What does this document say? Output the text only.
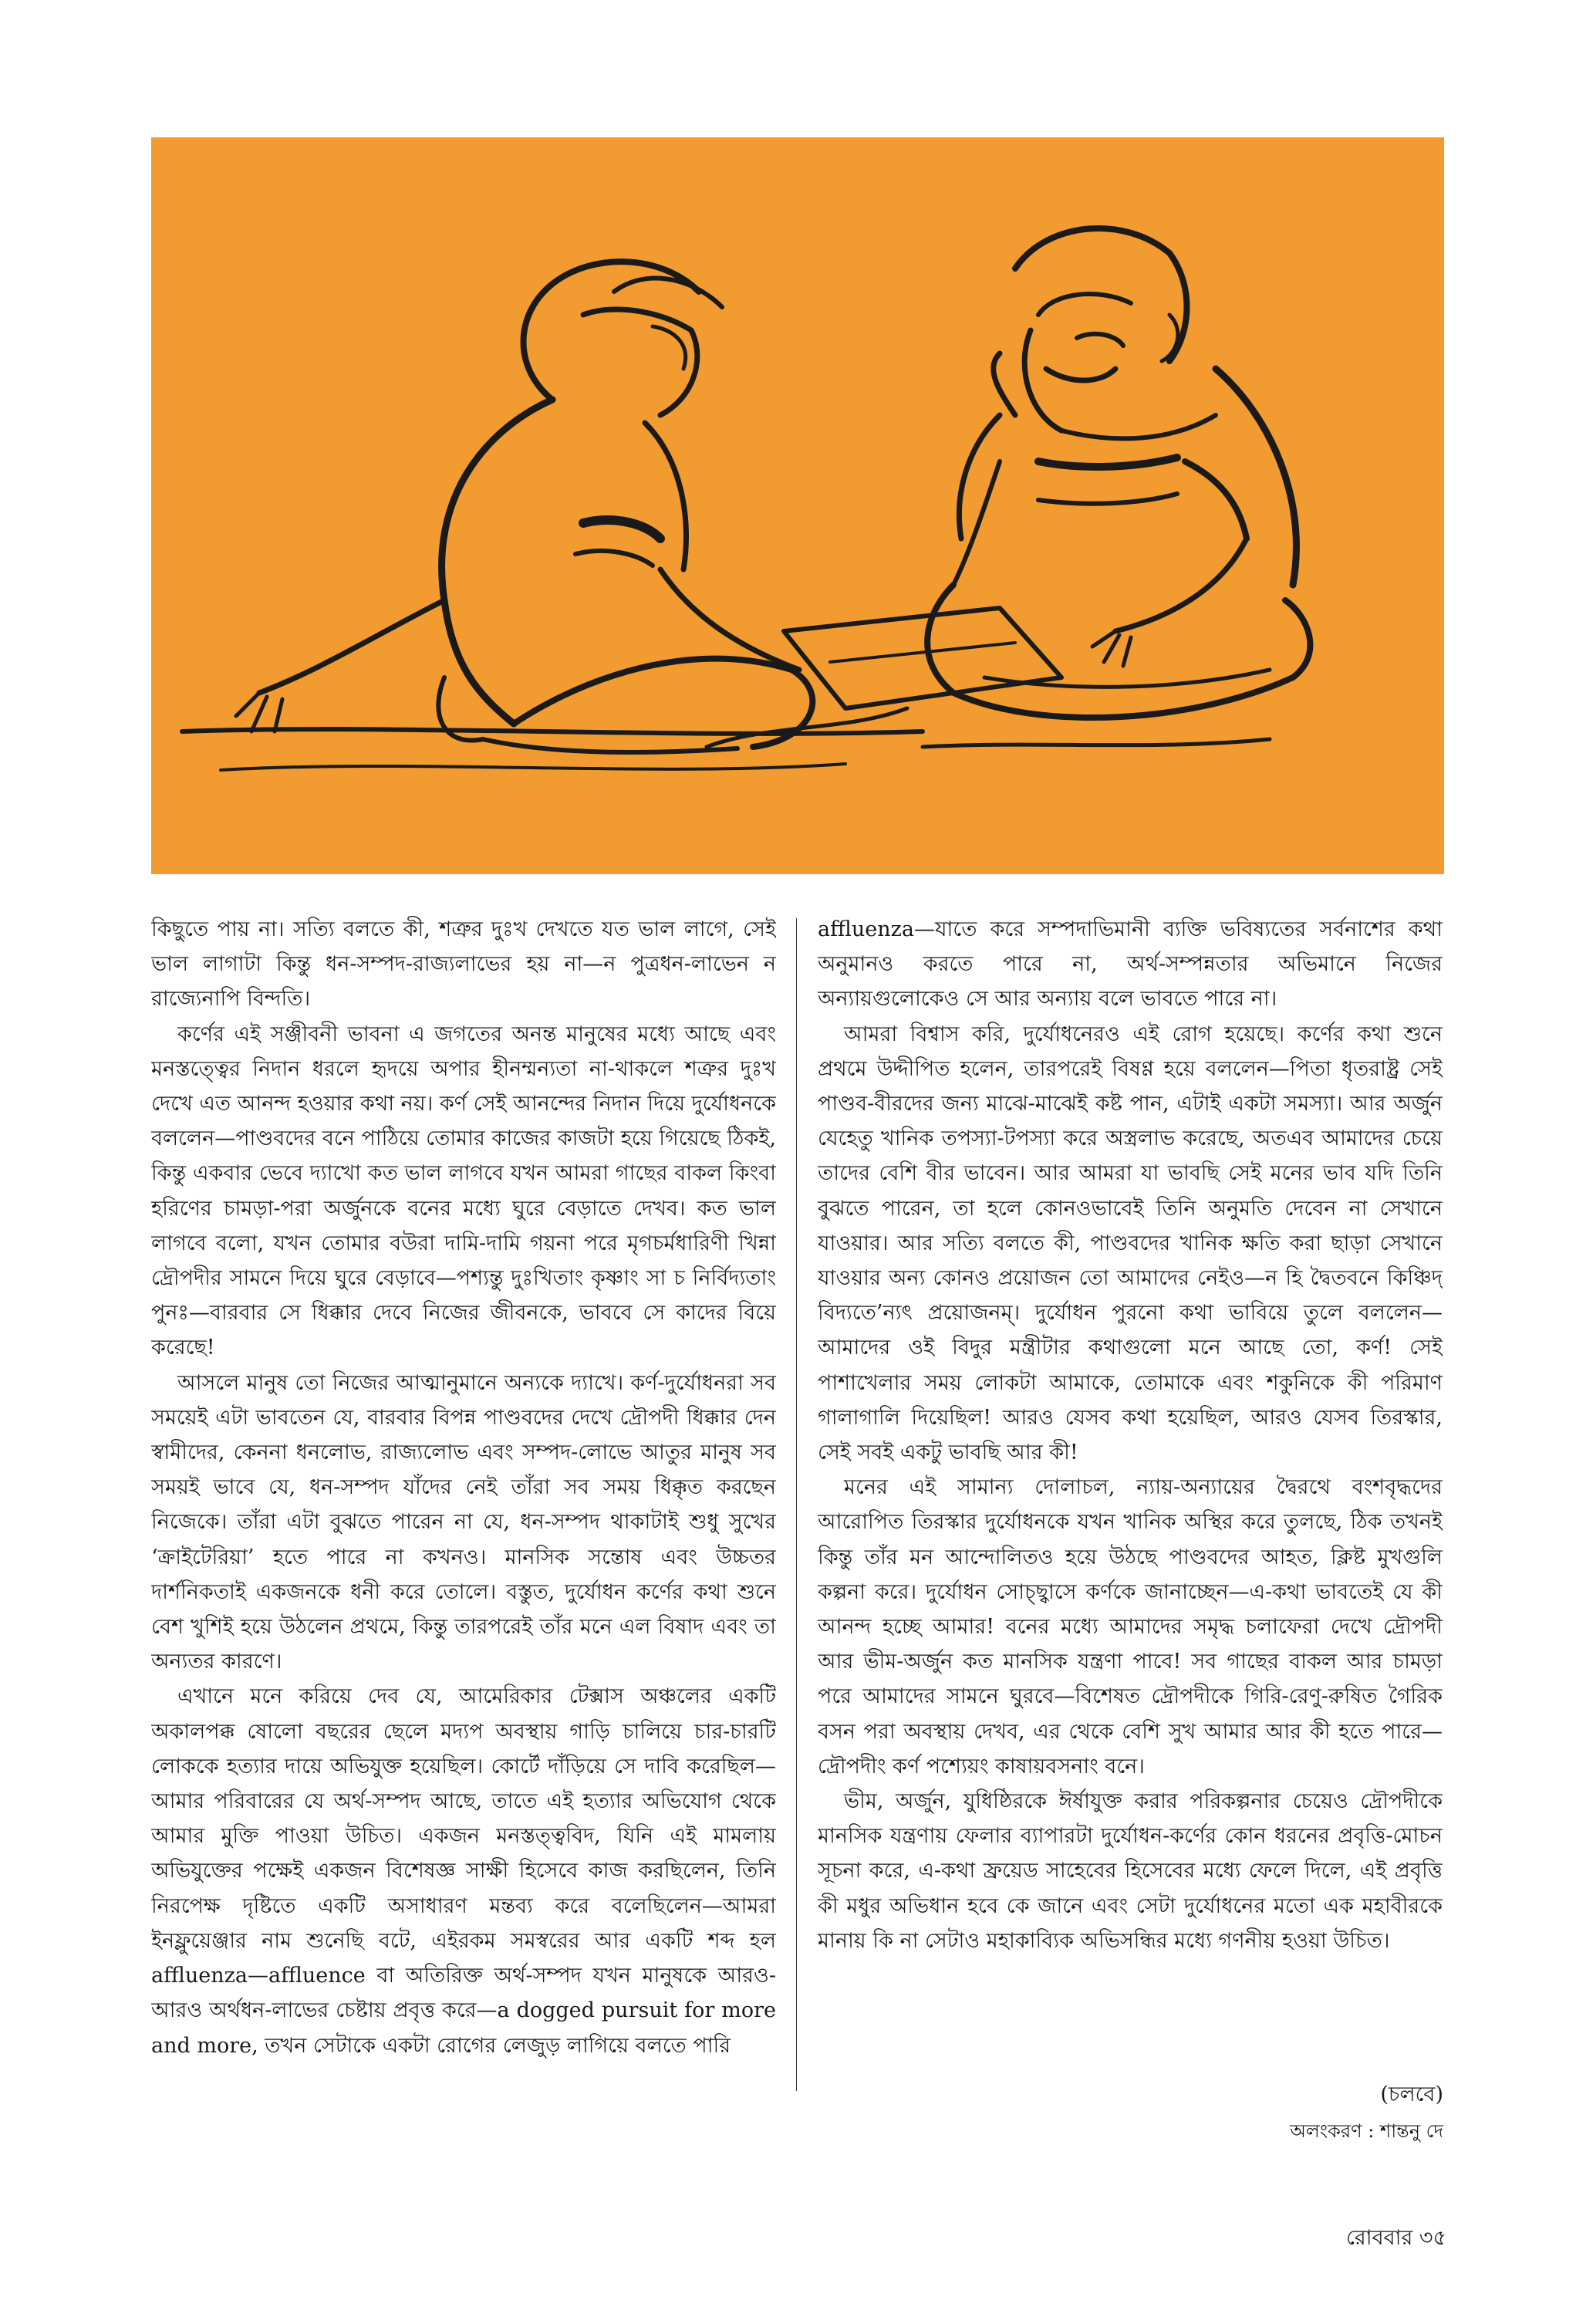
কিছুতে পায় না। সত্যি বলতে কী, শত্রুর দুঃখ দেখতে যত ভাল লাগে, সেই ভাল লাগাটা কিন্তু ধন-সম্পদ-রাজ্যলাভের হয় না—ন পুত্রধন-লাভেন ন রাজ্যেনাপি বিন্দতি।

কর্ণের এই সঞ্জীবনী ভাবনা এ জগতের অনন্ত মানুষের মধ্যে আছে এবং মনস্তত্ত্বের নিদান ধরলে হৃদয়ে অপার হীনম্মন্যতা না-থাকলে শত্রুর দুঃখ দেখে এত আনন্দ হওয়ার কথা নয়। কর্ণ সেই আনন্দের নিদান দিয়ে দুর্যোধনকে বললেন—পাণ্ডবদের বনে পাঠিয়ে তোমার কাজের কাজটা হয়ে গিয়েছে ঠিকই, কিন্তু একবার ভেবে দ্যাখো কত ভাল লাগবে যখন আমরা গাছের বাকল কিংবা হরিণের চামড়া-পরা অর্জুনকে বনের মধ্যে ঘুরে বেড়াতে দেখব। কত ভাল লাগবে বলো, যখন তোমার বউরা দামি-দামি গয়না পরে মৃগচর্মধারিণী খিন্না দ্রৌপদীর সামনে দিয়ে ঘুরে বেড়াবে—পশ্যন্তু দুঃখিতাং কৃষ্ণাং সা চ নির্বিদ্যতাং পুনঃ—বারবার সে ধিক্কার দেবে নিজের জীবনকে, ভাববে সে কাদের বিয়ে করেছে!

আসলে মানুষ তো নিজের আত্মানুমানে অন্যকে দ্যাখে। কর্ণ-দুর্যোধনরা সব সময়েই এটা ভাবতেন যে, বারবার বিপন্ন পাণ্ডবদের দেখে দ্রৌপদী ধিক্কার দেন স্বামীদের, কেননা ধনলোভ, রাজ্যলোভ এবং সম্পদ-লোভে আতুর মানুষ সব সময়ই ভাবে যে, ধন-সম্পদ যাঁদের নেই তাঁরা সব সময় ধিক্কৃত করছেন নিজেকে। তাঁরা এটা বুঝতে পারেন না যে, ধন-সম্পদ থাকাটাই শুধু সুখের ‘ক্রাইটেরিয়া’ হতে পারে না কখনও। মানসিক সন্তোষ এবং উচ্চতর দার্শনিকতাই একজনকে ধনী করে তোলে। বস্তুত, দুর্যোধন কর্ণের কথা শুনে বেশ খুশিই হয়ে উঠলেন প্রথমে, কিন্তু তারপরেই তাঁর মনে এল বিষাদ এবং তা অন্যতর কারণে।

এখানে মনে করিয়ে দেব যে, আমেরিকার টেক্সাস অঞ্চলের একটি অকালপক্ক ষোলো বছরের ছেলে মদ্যপ অবস্থায় গাড়ি চালিয়ে চার-চারটি লোককে হত্যার দায়ে অভিযুক্ত হয়েছিল। কোর্টে দাঁড়িয়ে সে দাবি করেছিল—আমার পরিবারের যে অর্থ-সম্পদ আছে, তাতে এই হত্যার অভিযোগ থেকে আমার মুক্তি পাওয়া উচিত। একজন মনস্তত্ত্ববিদ, যিনি এই মামলায় অভিযুক্তের পক্ষেই একজন বিশেষজ্ঞ সাক্ষী হিসেবে কাজ করছিলেন, তিনি নিরপেক্ষ দৃষ্টিতে একটি অসাধারণ মন্তব্য করে বলেছিলেন—আমরা ইনফ্লুয়েঞ্জার নাম শুনেছি বটে, এইরকম সমস্বরের আর একটি শব্দ হল affluenza—affluence বা অতিরিক্ত অর্থ-সম্পদ যখন মানুষকে আরও-আরও অর্থধন-লাভের চেষ্টায় প্রবৃত্ত করে—a dogged pursuit for more and more, তখন সেটাকে একটা রোগের লেজুড় লাগিয়ে বলতে পারি

affluenza—যাতে করে সম্পদাভিমানী ব্যক্তি ভবিষ্যতের সর্বনাশের কথা অনুমানও করতে পারে না, অর্থ-সম্পন্নতার অভিমানে নিজের অন্যায়গুলোকেও সে আর অন্যায় বলে ভাবতে পারে না।

আমরা বিশ্বাস করি, দুর্যোধনেরও এই রোগ হয়েছে। কর্ণের কথা শুনে প্রথমে উদ্দীপিত হলেন, তারপরেই বিষণ্ণ হয়ে বললেন—পিতা ধৃতরাষ্ট্র সেই পাণ্ডব-বীরদের জন্য মাঝে-মাঝেই কষ্ট পান, এটাই একটা সমস্যা। আর অর্জুন যেহেতু খানিক তপস্যা-টপস্যা করে অস্ত্রলাভ করেছে, অতএব আমাদের চেয়ে তাদের বেশি বীর ভাবেন। আর আমরা যা ভাবছি সেই মনের ভাব যদি তিনি বুঝতে পারেন, তা হলে কোনওভাবেই তিনি অনুমতি দেবেন না সেখানে যাওয়ার। আর সত্যি বলতে কী, পাণ্ডবদের খানিক ক্ষতি করা ছাড়া সেখানে যাওয়ার অন্য কোনও প্রয়োজন তো আমাদের নেইও—ন হি দ্বৈতবনে কিঞ্চিদ্ বিদ্যতে’ন্যৎ প্রয়োজনম্। দুর্যোধন পুরনো কথা ভাবিয়ে তুলে বললেন—আমাদের ওই বিদুর মন্ত্রীটার কথাগুলো মনে আছে তো, কর্ণ! সেই পাশাখেলার সময় লোকটা আমাকে, তোমাকে এবং শকুনিকে কী পরিমাণ গালাগালি দিয়েছিল! আরও যেসব কথা হয়েছিল, আরও যেসব তিরস্কার, সেই সবই একটু ভাবছি আর কী!

মনের এই সামান্য দোলাচল, ন্যায়-অন্যায়ের দ্বৈরথে বংশবৃদ্ধদের আরোপিত তিরস্কার দুর্যোধনকে যখন খানিক অস্থির করে তুলছে, ঠিক তখনই কিন্তু তাঁর মন আন্দোলিতও হয়ে উঠছে পাণ্ডবদের আহত, ক্লিষ্ট মুখগুলি কল্পনা করে। দুর্যোধন সোচ্ছ্বাসে কর্ণকে জানাচ্ছেন—এ-কথা ভাবতেই যে কী আনন্দ হচ্ছে আমার! বনের মধ্যে আমাদের সমৃদ্ধ চলাফেরা দেখে দ্রৌপদী আর ভীম-অর্জুন কত মানসিক যন্ত্রণা পাবে! সব গাছের বাকল আর চামড়া পরে আমাদের সামনে ঘুরবে—বিশেষত দ্রৌপদীকে গিরি-রেণু-রুষিত গৈরিক বসন পরা অবস্থায় দেখব, এর থেকে বেশি সুখ আমার আর কী হতে পারে—দ্রৌপদীং কর্ণ পশ্যেয়ং কাষায়বসনাং বনে।

ভীম, অর্জুন, যুধিষ্ঠিরকে ঈর্ষাযুক্ত করার পরিকল্পনার চেয়েও দ্রৌপদীকে মানসিক যন্ত্রণায় ফেলার ব্যাপারটা দুর্যোধন-কর্ণের কোন ধরনের প্রবৃত্তি-মোচন সূচনা করে, এ-কথা ফ্রয়েড সাহেবের হিসেবের মধ্যে ফেলে দিলে, এই প্রবৃত্তি কী মধুর অভিধান হবে কে জানে এবং সেটা দুর্যোধনের মতো এক মহাবীরকে মানায় কি না সেটাও মহাকাব্যিক অভিসন্ধির মধ্যে গণনীয় হওয়া উচিত।

(চলবে)
অলংকরণ : শান্তনু দে
রোববার ৩৫
